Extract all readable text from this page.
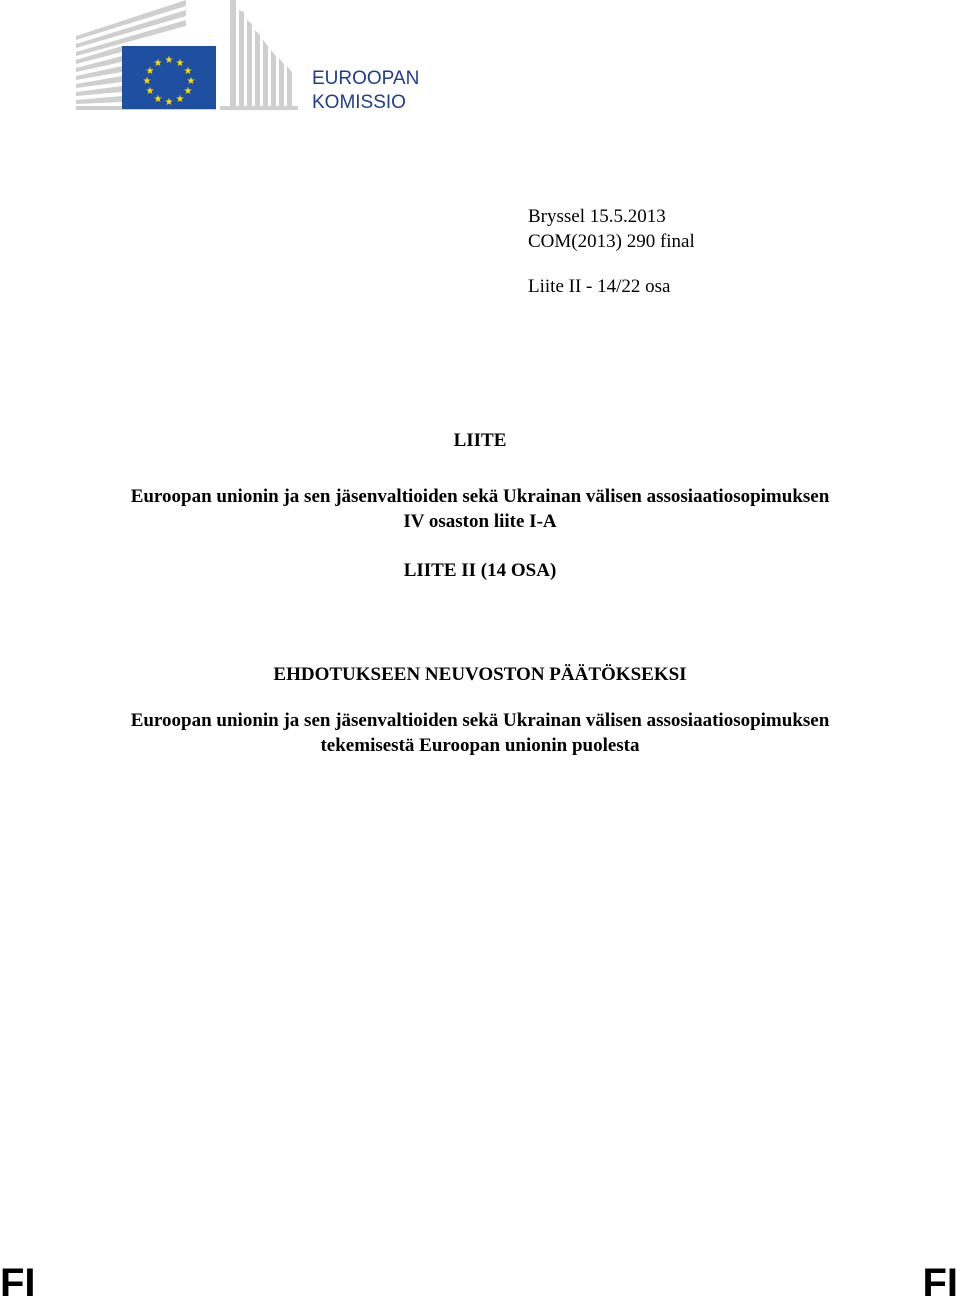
★ ★
★
★
★
★
★
★
★
★
★
★

EUROOPAN
KOMISSIO

Bryssel 15.5.2013

COM(2013) 290 final

Liite II - 14/22 osa

LIITE

Euroopan unionin ja sen jäsenvaltioiden sekä Ukrainan välisen assosiaatiosopimuksen
IV osaston liite I-A

LIITE II (14 OSA)

EHDOTUKSEEN NEUVOSTON PÄÄTÖKSEKSI

Euroopan unionin ja sen jäsenvaltioiden sekä Ukrainan välisen assosiaatiosopimuksen
tekemisestä Euroopan unionin puolesta

FI	FI
